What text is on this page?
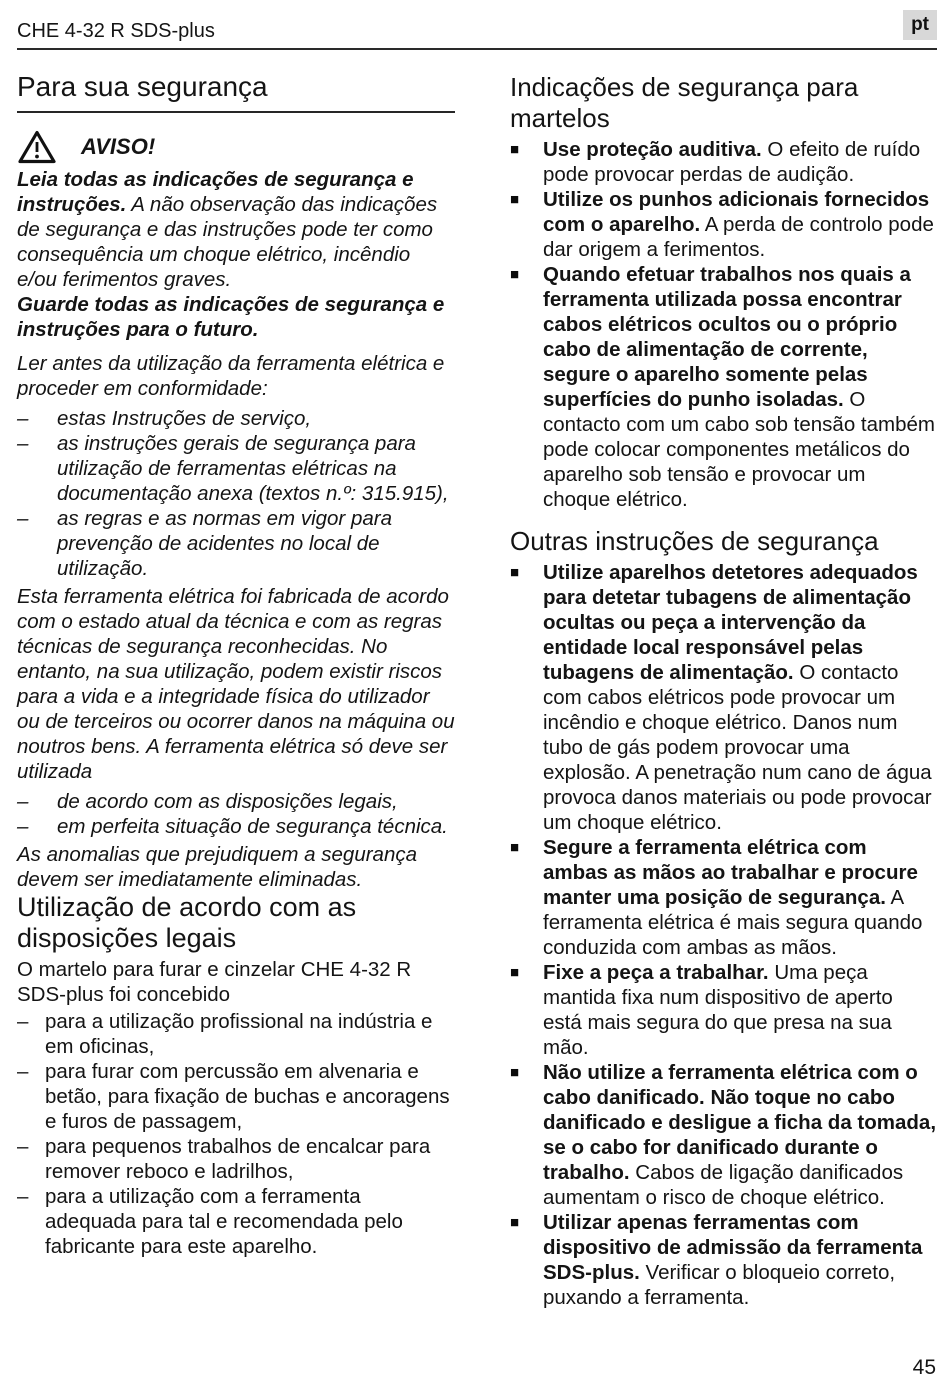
CHE 4-32 R SDS-plus	pt
Para sua segurança
AVISO!

Leia todas as indicações de segurança e instruções. A não observação das indicações de segurança e das instruções pode ter como consequência um choque elétrico, incêndio e/ou ferimentos graves.
Guarde todas as indicações de segurança e instruções para o futuro.

Ler antes da utilização da ferramenta elétrica e proceder em conformidade:

–	estas Instruções de serviço,
–	as instruções gerais de segurança para utilização de ferramentas elétricas na documentação anexa (textos n.º: 315.915),
–	as regras e as normas em vigor para prevenção de acidentes no local de utilização.

Esta ferramenta elétrica foi fabricada de acordo com o estado atual da técnica e com as regras técnicas de segurança reconhecidas. No entanto, na sua utilização, podem existir riscos para a vida e a integridade física do utilizador ou de terceiros ou ocorrer danos na máquina ou noutros bens. A ferramenta elétrica só deve ser utilizada

–	de acordo com as disposições legais,
–	em perfeita situação de segurança técnica.

As anomalias que prejudiquem a segurança devem ser imediatamente eliminadas.

Utilização de acordo com as disposições legais

O martelo para furar e cinzelar CHE 4-32 R SDS-plus foi concebido

– para a utilização profissional na indústria e em oficinas,
– para furar com percussão em alvenaria e betão, para fixação de buchas e ancoragens e furos de passagem,
– para pequenos trabalhos de encalcar para remover reboco e ladrilhos,
– para a utilização com a ferramenta adequada para tal e recomendada pelo fabricante para este aparelho.
Indicações de segurança para martelos
■	Use proteção auditiva. O efeito de ruído pode provocar perdas de audição.
■	Utilize os punhos adicionais fornecidos com o aparelho. A perda de controlo pode dar origem a ferimentos.
■	Quando efetuar trabalhos nos quais a ferramenta utilizada possa encontrar cabos elétricos ocultos ou o próprio cabo de alimentação de corrente, segure o aparelho somente pelas superfícies do punho isoladas. O contacto com um cabo sob tensão também pode colocar componentes metálicos do aparelho sob tensão e provocar um choque elétrico.
Outras instruções de segurança
■	Utilize aparelhos detetores adequados para detetar tubagens de alimentação ocultas ou peça a intervenção da entidade local responsável pelas tubagens de alimentação. O contacto com cabos elétricos pode provocar um incêndio e choque elétrico. Danos num tubo de gás podem provocar uma explosão. A penetração num cano de água provoca danos materiais ou pode provocar um choque elétrico.
■	Segure a ferramenta elétrica com ambas as mãos ao trabalhar e procure manter uma posição de segurança. A ferramenta elétrica é mais segura quando conduzida com ambas as mãos.
■	Fixe a peça a trabalhar. Uma peça mantida fixa num dispositivo de aperto está mais segura do que presa na sua mão.
■	Não utilize a ferramenta elétrica com o cabo danificado. Não toque no cabo danificado e desligue a ficha da tomada, se o cabo for danificado durante o trabalho. Cabos de ligação danificados aumentam o risco de choque elétrico.
■	Utilizar apenas ferramentas com dispositivo de admissão da ferramenta SDS-plus. Verificar o bloqueio correto, puxando a ferramenta.
45
